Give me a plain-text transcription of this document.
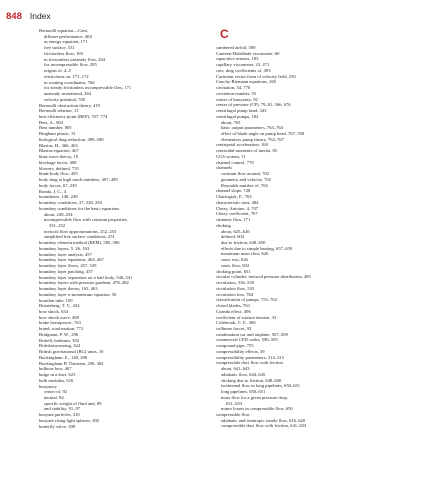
848 Index
Bernoulli equation—Cont.
diffuser performance, 404
as energy equation, 171
free surface, 531
frictionless flow, 169
in frictionless unsteady flow, 264
for incompressible flow, 295
origins of, 4–5
restrictions on, 171–172
in rotating coordinates, 766
for steady frictionless incompressible flow, 171
unsteady irrotational, 264
velocity potential, 550
Bernoulli obstruction theory, 419
Bernoulli relation, 13
best efficiency point (BEP), 767, 774
Betz, A., 802
Betz number, 805
Bingham plastic, 31
biological drag reduction, 499–500
Blasius, H., 366, 463
Blasius equation, 467
blast wave theory, 10
blockage factor, 408
blowers, defined, 755
blunt-body flow, 459
body drag at high mach numbers, 497–499
body forces, 67, 239
Bonda, J. C., 4
boundaries, 148, 249
boundary conditions, 37, 228, 250
boundary conditions for the basic equations
about, 249–254
incompressible flow with constant properties,
251–252
inviscid flow approximations, 252–253
simplified free surface conditions, 251
boundary element method (BEM), 585–586
boundary layers, 5, 26, 163
boundary layer analysis, 457
boundary layer equations, 464–467
boundary layer flows, 457, 529
boundary layer patching, 457
boundary layer separation on a half body, 540–541
boundary layers with pressure gradient, 478–482
boundary layer theory, 163, 463
boundary layer x-momentum equation, 50
bourdon tube, 100
Brauerberg, T. V., 434
bow shock, 634
bow shock wave, 498
brake horsepower, 763
brand, road motion, 772
Bridgman, P. W., 296
Brittell, barbrum, 302
Britishstavouring, 324
British gravitational (BG) units, 16
Buckingham, E., 140, 296
Buckingham Pi Theorem, 296, 302
bulbous bow, 467
bulge in a duct, 623
bulk modulus, 616
buoyancy
center of, 92
neutral, 94
specific weight of fluid and, 89
and stability, 91–97
buoyant particles, 410
buoyant rising light spheres, 492
butterfly valve, 398
C
cambered airfoil, 500
Canteen-Holeblade viscometer, 60
capacitive sensors, 103
capillary viscometer, 23, 471
cars, drag coefficients of, 493
Cartesian vector form of velocity field, 250
Cauchy-Riemann equations, 265
cavitation, 34, 770
cavitation number, 35
center of buoyancy, 92
center of pressure (CP), 79–81, 566, 676
centrifugal pump head, 343
centrifugal pumps, 182
about, 763
basic output parameters, 763–764
effect of blade angle on pump head, 767–768
elementary pump theory, 764–767
centripetal acceleration, 160
centroidal moments of inertia, 85
CGS system, 11
channel control, 770
channels
constant flow around, 702
geometry and velocity, 702
Reynolds number of, 704
channel slope, 728
Chartogiyk, F., 763
characteristic area, 484
Chezy, Antoine, 4, 707
Chezy coefficient, 707
chimney flow, 171
choking
about, 625–626
defined, 604
due to friction, 648–650
effects due to simple heating, 657–659
maximum mass flow, 626
sonic exit, 626
sonic flow, 692
choking point, 651
circular cylinder, inviscid pressure distribution, 485
circulation, 536–539
circulation flow, 535
circulation loss, 764
classification of pumps, 755–762
closed blades, 763
Coanda effect, 496
coefficient of surface tension, 33
Colebrook, C. F., 369
collinear forces, 93
combination car and airplane, 507–509
commercial CFD codes, 590–595
compound pipe, 755
compressibility effects, 39
compressibility parameters, 314–315
compressible duct flow with friction
about, 641–643
adiabatic flow, 644–645
choking due to friction, 648–650
isothermal flow in long pipelines, 650–651
long pipelines, 650–651
mass flow for a given pressure drop,
651–653
minor losses in compressible flow, 650
compressible flow
adiabatic and isentropic steady flow, 616–620
compressible duct flow with friction, 641–653
